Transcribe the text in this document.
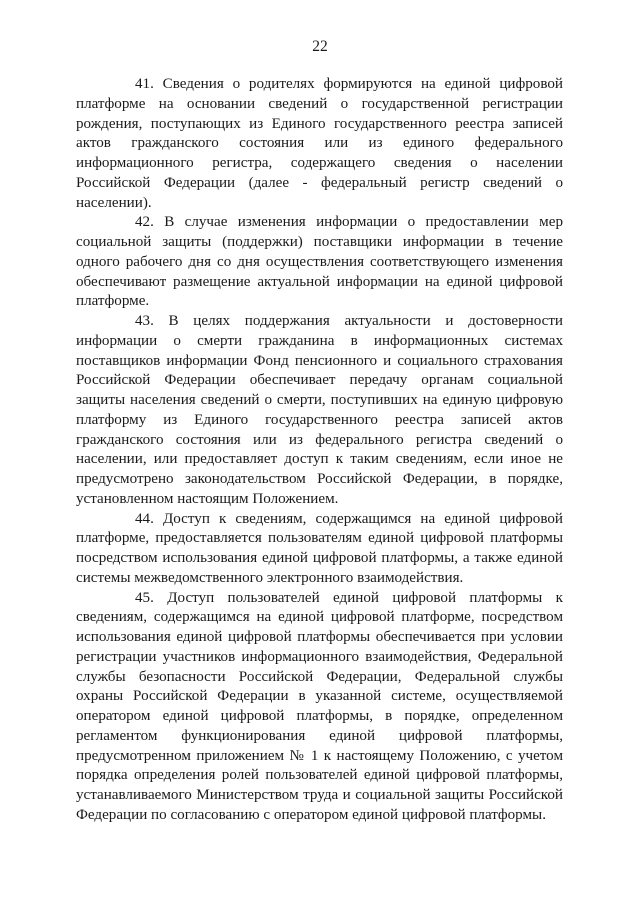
22

41. Сведения о родителях формируются на единой цифровой платформе на основании сведений о государственной регистрации рождения, поступающих из Единого государственного реестра записей актов гражданского состояния или из единого федерального информационного регистра, содержащего сведения о населении Российской Федерации (далее - федеральный регистр сведений о населении).

42. В случае изменения информации о предоставлении мер социальной защиты (поддержки) поставщики информации в течение одного рабочего дня со дня осуществления соответствующего изменения обеспечивают размещение актуальной информации на единой цифровой платформе.

43. В целях поддержания актуальности и достоверности информации о смерти гражданина в информационных системах поставщиков информации Фонд пенсионного и социального страхования Российской Федерации обеспечивает передачу органам социальной защиты населения сведений о смерти, поступивших на единую цифровую платформу из Единого государственного реестра записей актов гражданского состояния или из федерального регистра сведений о населении, или предоставляет доступ к таким сведениям, если иное не предусмотрено законодательством Российской Федерации, в порядке, установленном настоящим Положением.

44. Доступ к сведениям, содержащимся на единой цифровой платформе, предоставляется пользователям единой цифровой платформы посредством использования единой цифровой платформы, а также единой системы межведомственного электронного взаимодействия.

45. Доступ пользователей единой цифровой платформы к сведениям, содержащимся на единой цифровой платформе, посредством использования единой цифровой платформы обеспечивается при условии регистрации участников информационного взаимодействия, Федеральной службы безопасности Российской Федерации, Федеральной службы охраны Российской Федерации в указанной системе, осуществляемой оператором единой цифровой платформы, в порядке, определенном регламентом функционирования единой цифровой платформы, предусмотренном приложением № 1 к настоящему Положению, с учетом порядка определения ролей пользователей единой цифровой платформы, устанавливаемого Министерством труда и социальной защиты Российской Федерации по согласованию с оператором единой цифровой платформы.
